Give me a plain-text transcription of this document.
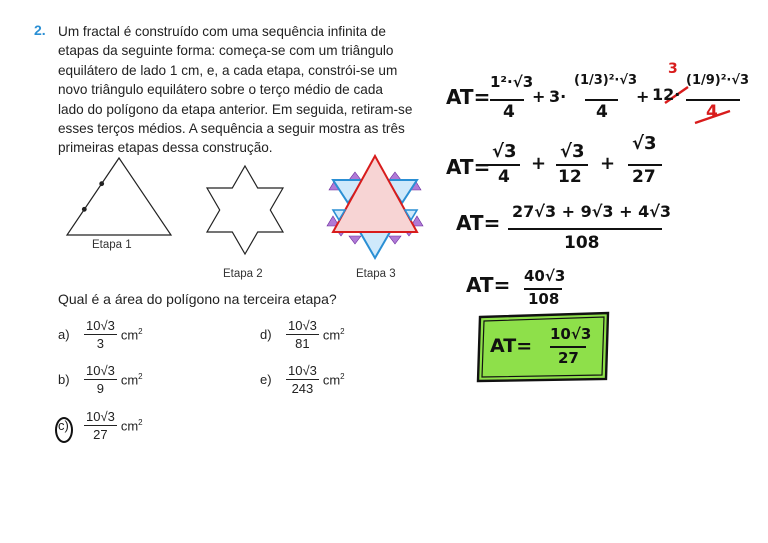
2. Um fractal é construído com uma sequência infinita de
etapas da seguinte forma: começa-se com um triângulo
equilátero de lado 1 cm, e, a cada etapa, constrói-se um
novo triângulo equilátero sobre o terço médio de cada
lado do polígono da etapa anterior. Em seguida, retiram-se
esses terços médios. A sequência a seguir mostra as três
primeiras etapas dessa construção.
Etapa 1
Etapa 2	Etapa 3
Qual é a área do polígono na terceira etapa?
a)	$\frac{10√3}{3} cm^2$
b)	$\frac{10√3}{9} cm^2$
c)	$\frac{10√3}{27} cm^2$
d)	$\frac{10√3}{81} cm^2$
e)	$\frac{10√3}{243} cm^2$
AT=
1²·√3
4
+ 3·
(1/3)²·√3
4
+ 12·
3
(1/9)²·√3
4
AT=
√3
4
+
√3
12
+
√3
27
AT= 27√3 + 9√3 + 4√3
108
AT= 40√3
108
AT=
10√3
27
